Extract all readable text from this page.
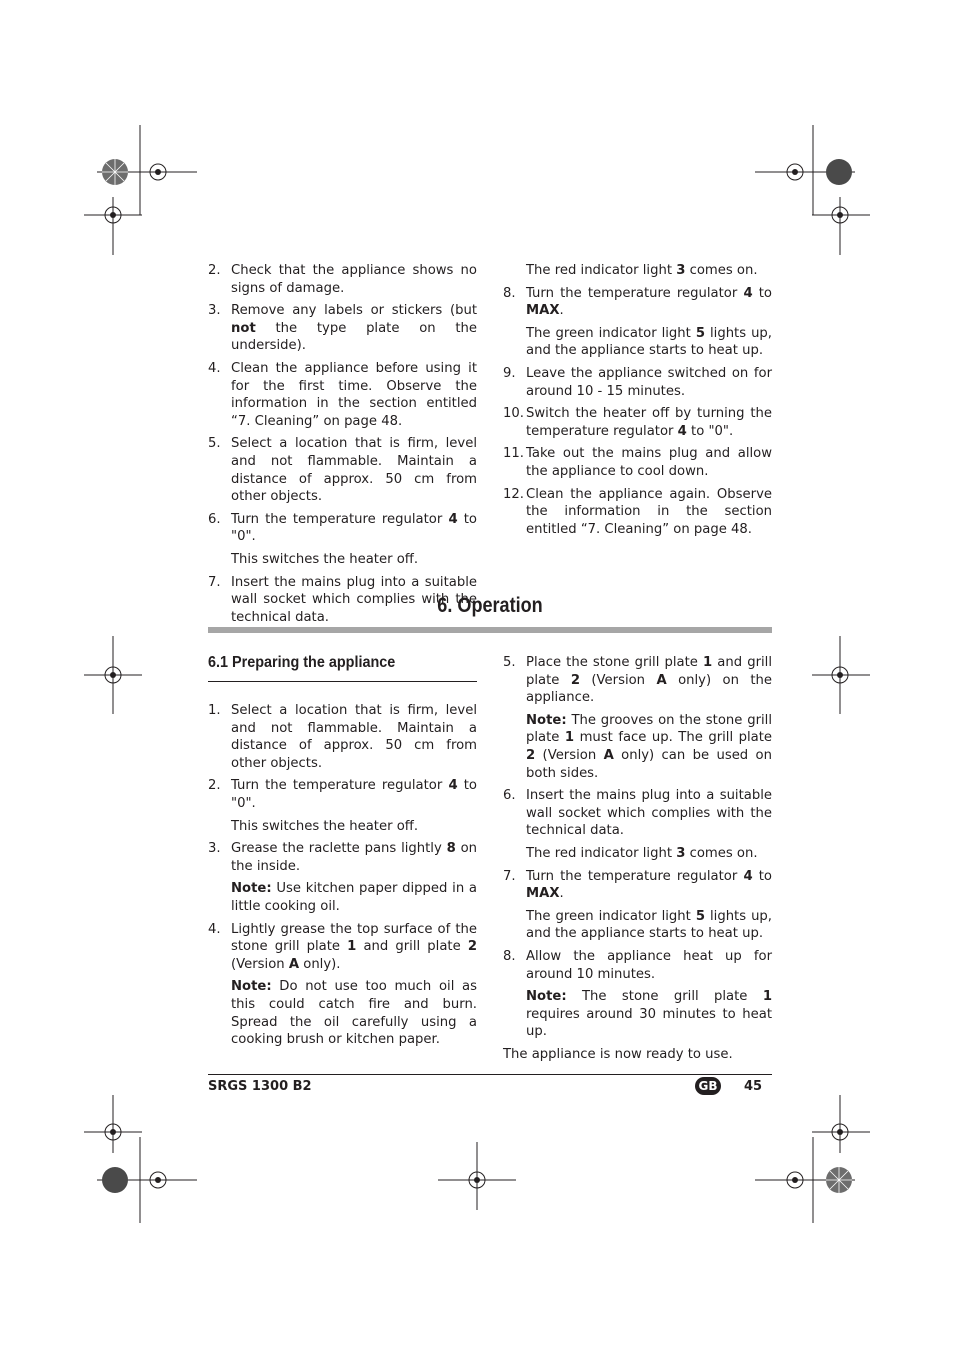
2. Check that the appliance shows no signs of damage.
3. Remove any labels or stickers (but not the type plate on the underside).
4. Clean the appliance before using it for the first time. Observe the information in the section entitled “7. Cleaning” on page 48.
5. Select a location that is firm, level and not flammable. Maintain a distance of approx. 50 cm from other objects.
6. Turn the temperature regulator 4 to "0".
This switches the heater off.
7. Insert the mains plug into a suitable wall socket which complies with the technical data.
The red indicator light 3 comes on.
8. Turn the temperature regulator 4 to MAX.
The green indicator light 5 lights up, and the appliance starts to heat up.
9. Leave the appliance switched on for around 10 - 15 minutes.
10. Switch the heater off by turning the temperature regulator 4 to "0".
11. Take out the mains plug and allow the appliance to cool down.
12. Clean the appliance again. Observe the information in the section entitled “7. Cleaning” on page 48.
6. Operation
6.1 Preparing the appliance
1. Select a location that is firm, level and not flammable. Maintain a distance of approx. 50 cm from other objects.
2. Turn the temperature regulator 4 to "0".
This switches the heater off.
3. Grease the raclette pans lightly 8 on the inside.
Note: Use kitchen paper dipped in a little cooking oil.
4. Lightly grease the top surface of the stone grill plate 1 and grill plate 2 (Version A only).
Note: Do not use too much oil as this could catch fire and burn. Spread the oil carefully using a cooking brush or kitchen paper.
5. Place the stone grill plate 1 and grill plate 2 (Version A only) on the appliance.
Note: The grooves on the stone grill plate 1 must face up. The grill plate 2 (Version A only) can be used on both sides.
6. Insert the mains plug into a suitable wall socket which complies with the technical data.
The red indicator light 3 comes on.
7. Turn the temperature regulator 4 to MAX.
The green indicator light 5 lights up, and the appliance starts to heat up.
8. Allow the appliance heat up for around 10 minutes.
Note: The stone grill plate 1 requires around 30 minutes to heat up.
The appliance is now ready to use.
SRGS 1300 B2	GB 45
